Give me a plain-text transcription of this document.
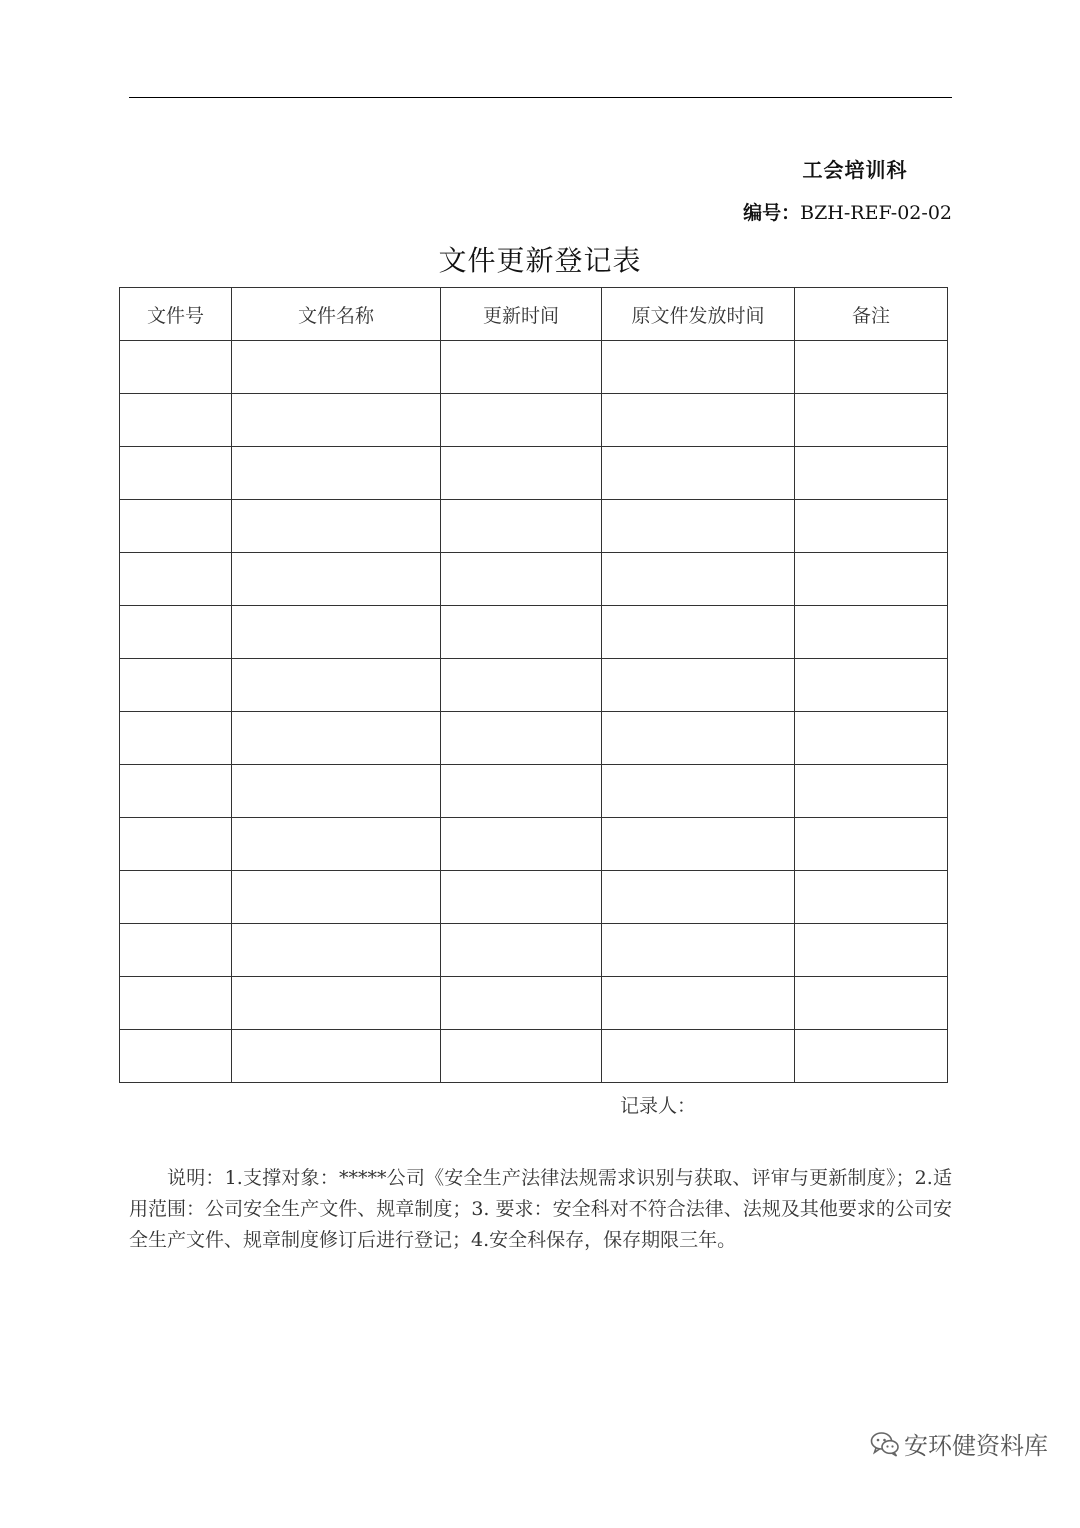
工会培训科
编号：BZH-REF-02-02
文件更新登记表
文件号	文件名称	更新时间	原文件发放时间	备注

记录人：
说明：1.支撑对象：*****公司《安全生产法律法规需求识别与获取、评审与更新制度》；2.适用范围：公司安全生产文件、规章制度；3. 要求：安全科对不符合法律、法规及其他要求的公司安全生产文件、规章制度修订后进行登记；4.安全科保存，保存期限三年。
安环健资料库
